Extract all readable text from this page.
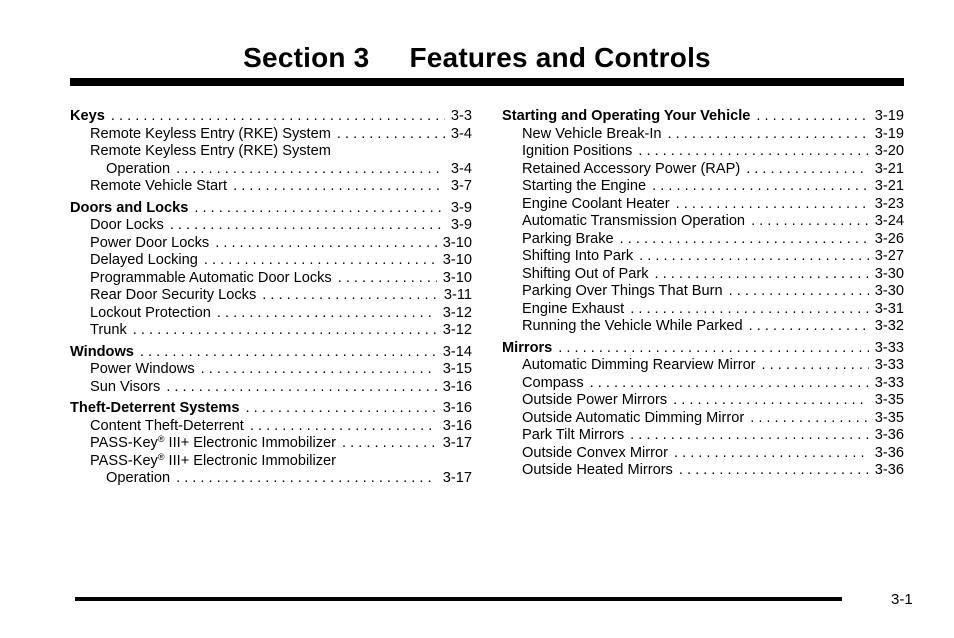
Section 3 Features and Controls
Keys . . .	3-3
Remote Keyless Entry (RKE) System . . .	3-4
Remote Keyless Entry (RKE) System
Operation . . .	3-4
Remote Vehicle Start . . .	3-7
Doors and Locks . . .	3-9
Door Locks . . .	3-9
Power Door Locks . . .	3-10
Delayed Locking . . .	3-10
Programmable Automatic Door Locks . . .	3-10
Rear Door Security Locks . . .	3-11
Lockout Protection . . .	3-12
Trunk . . .	3-12
Windows . . .	3-14
Power Windows . . .	3-15
Sun Visors . . .	3-16
Theft-Deterrent Systems . . .	3-16
Content Theft-Deterrent . . .	3-16
PASS-Key® III+ Electronic Immobilizer . . .	3-17
PASS-Key® III+ Electronic Immobilizer
Operation . . .	3-17
Starting and Operating Your Vehicle . . .	3-19
New Vehicle Break-In . . .	3-19
Ignition Positions . . .	3-20
Retained Accessory Power (RAP) . . .	3-21
Starting the Engine . . .	3-21
Engine Coolant Heater . . .	3-23
Automatic Transmission Operation . . .	3-24
Parking Brake . . .	3-26
Shifting Into Park . . .	3-27
Shifting Out of Park . . .	3-30
Parking Over Things That Burn . . .	3-30
Engine Exhaust . . .	3-31
Running the Vehicle While Parked . . .	3-32
Mirrors . . .	3-33
Automatic Dimming Rearview Mirror . . .	3-33
Compass . . .	3-33
Outside Power Mirrors . . .	3-35
Outside Automatic Dimming Mirror . . .	3-35
Park Tilt Mirrors . . .	3-36
Outside Convex Mirror . . .	3-36
Outside Heated Mirrors . . .	3-36
3-1
